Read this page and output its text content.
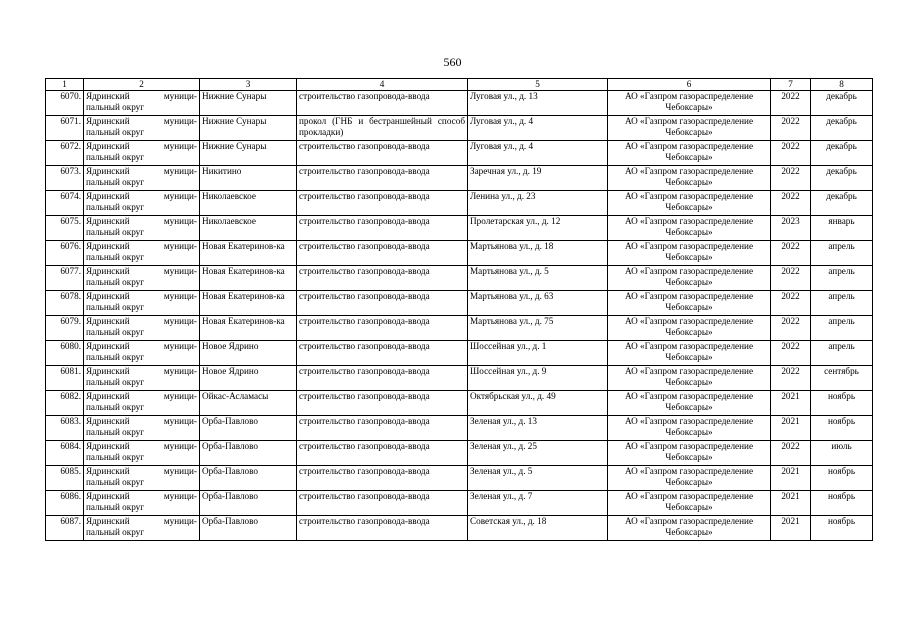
560
1	2	3	4	5	6	7	8
6070.	Ядринский муници-пальный округ	Нижние Сунары	строительство газопровода-ввода	Луговая ул., д. 13	АО «Газпром газораспределение Чебоксары»	2022	декабрь
6071.	Ядринский муници-пальный округ	Нижние Сунары	прокол (ГНБ и бестраншейный способ прокладки)	Луговая ул., д. 4	АО «Газпром газораспределение Чебоксары»	2022	декабрь
6072.	Ядринский муници-пальный округ	Нижние Сунары	строительство газопровода-ввода	Луговая ул., д. 4	АО «Газпром газораспределение Чебоксары»	2022	декабрь
6073.	Ядринский муници-пальный округ	Никитино	строительство газопровода-ввода	Заречная ул., д. 19	АО «Газпром газораспределение Чебоксары»	2022	декабрь
6074.	Ядринский муници-пальный округ	Николаевское	строительство газопровода-ввода	Ленина ул., д. 23	АО «Газпром газораспределение Чебоксары»	2022	декабрь
6075.	Ядринский муници-пальный округ	Николаевское	строительство газопровода-ввода	Пролетарская ул., д. 12	АО «Газпром газораспределение Чебоксары»	2023	январь
6076.	Ядринский муници-пальный округ	Новая Екатеринов-ка	строительство газопровода-ввода	Мартьянова ул., д. 18	АО «Газпром газораспределение Чебоксары»	2022	апрель
6077.	Ядринский муници-пальный округ	Новая Екатеринов-ка	строительство газопровода-ввода	Мартьянова ул., д. 5	АО «Газпром газораспределение Чебоксары»	2022	апрель
6078.	Ядринский муници-пальный округ	Новая Екатеринов-ка	строительство газопровода-ввода	Мартьянова ул., д. 63	АО «Газпром газораспределение Чебоксары»	2022	апрель
6079.	Ядринский муници-пальный округ	Новая Екатеринов-ка	строительство газопровода-ввода	Мартьянова ул., д. 75	АО «Газпром газораспределение Чебоксары»	2022	апрель
6080.	Ядринский муници-пальный округ	Новое Ядрино	строительство газопровода-ввода	Шоссейная ул., д. 1	АО «Газпром газораспределение Чебоксары»	2022	апрель
6081.	Ядринский муници-пальный округ	Новое Ядрино	строительство газопровода-ввода	Шоссейная ул., д. 9	АО «Газпром газораспределение Чебоксары»	2022	сентябрь
6082.	Ядринский муници-пальный округ	Ойкас-Асламасы	строительство газопровода-ввода	Октябрьская ул., д. 49	АО «Газпром газораспределение Чебоксары»	2021	ноябрь
6083.	Ядринский муници-пальный округ	Орба-Павлово	строительство газопровода-ввода	Зеленая ул., д. 13	АО «Газпром газораспределение Чебоксары»	2021	ноябрь
6084.	Ядринский муници-пальный округ	Орба-Павлово	строительство газопровода-ввода	Зеленая ул., д. 25	АО «Газпром газораспределение Чебоксары»	2022	июль
6085.	Ядринский муници-пальный округ	Орба-Павлово	строительство газопровода-ввода	Зеленая ул., д. 5	АО «Газпром газораспределение Чебоксары»	2021	ноябрь
6086.	Ядринский муници-пальный округ	Орба-Павлово	строительство газопровода-ввода	Зеленая ул., д. 7	АО «Газпром газораспределение Чебоксары»	2021	ноябрь
6087.	Ядринский муници-пальный округ	Орба-Павлово	строительство газопровода-ввода	Советская ул., д. 18	АО «Газпром газораспределение Чебоксары»	2021	ноябрь
